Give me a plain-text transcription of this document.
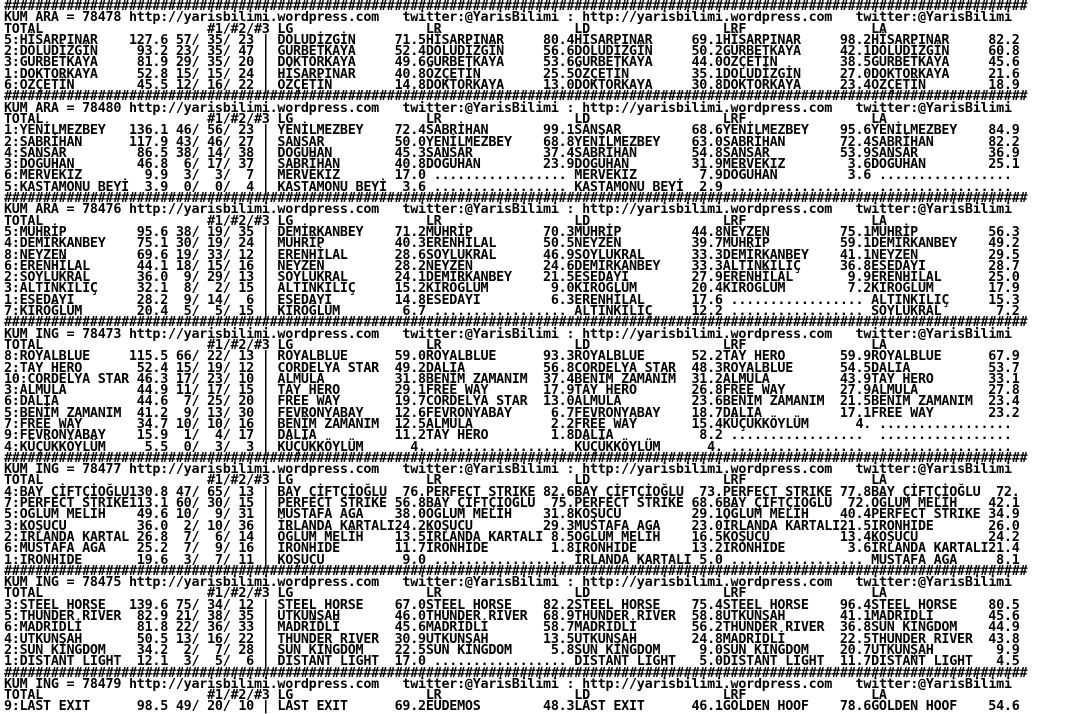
###################################################################################################################################
KUM ARA = 78478 http://yarisbilimi.wordpress.com twitter:@YarisBilimi : http://yarisbilimi.wordpress.com twitter:@YarisBilimi
TOTAL                     #1/#2/#3 LG                 LR                 LD                 LRF                LA
5:HİSARPINAR    127.6 57/ 35/ 23 | DOLUDİZGİN     71.5HİSARPINAR     80.4HİSARPINAR     69.1HİSARPINAR     98.2HİSARPINAR     82.2
2:DOLUDİZGİN     93.2 23/ 35/ 47 | GURBETKAYA     52.4DOLUDİZGİN     56.6DOLUDİZGİN     50.2GURBETKAYA     42.1DOLUDİZGİN     60.8
3:GURBETKAYA     81.9 29/ 35/ 20 | DOKTORKAYA     49.6GURBETKAYA     53.6GURBETKAYA     44.0ÖZÇETİN        38.5GURBETKAYA     45.6
1:DOKTORKAYA     52.8 15/ 15/ 24 | HİSARPINAR     40.8ÖZÇETİN        25.5ÖZÇETİN        35.1DOLUDİZGİN     27.0DOKTORKAYA     21.6
6:ÖZÇETİN        45.5 12/ 16/ 22 | ÖZÇETİN        14.8DOKTORKAYA     13.0DOKTORKAYA     30.8DOKTORKAYA     23.4ÖZÇETİN        18.9
###################################################################################################################################
KUM ARA = 78480 http://yarisbilimi.wordpress.com twitter:@YarisBilimi : http://yarisbilimi.wordpress.com twitter:@YarisBilimi
TOTAL                     #1/#2/#3 LG                 LR                 LD                 LRF                LA
1:YENİLMEZBEY   136.1 46/ 56/ 23 | YENİLMEZBEY    72.4SABRİHAN       99.1SANSAR         68.6YENİLMEZBEY    95.6YENİLMEZBEY    84.9
2:SABRİHAN      117.9 43/ 46/ 27 | SANSAR         50.0YENİLMEZBEY    68.8YENİLMEZBEY    63.0SABRİHAN       72.4SABRİHAN       82.2
4:SANSAR         86.5 38/ 14/ 38 | DOĞUHAN        45.3SANSAR         37.4SABRİHAN       54.8SANSAR         53.9SANSAR         36.9
3:DOĞUHAN        46.8  6/ 17/ 37 | SABRİHAN       40.8DOĞUHAN        23.9DOĞUHAN        31.9MERVEKIZ        3.6DOĞUHAN        25.1
6:MERVEKIZ        9.9  3/  3/  7 | MERVEKIZ       17.0 ................. MERVEKIZ        7.9DOĞUHAN         3.6 .................
5:KASTAMONU BEYİ  3.9  0/  0/  4 | KASTAMONU BEYİ  3.6 ................. KASTAMONU BEYİ  2.9 .................  .................
###################################################################################################################################
KUM ARA = 78476 http://yarisbilimi.wordpress.com twitter:@YarisBilimi : http://yarisbilimi.wordpress.com twitter:@YarisBilimi
TOTAL                     #1/#2/#3 LG                 LR                 LD                 LRF                LA
5:MUHRİP         95.6 38/ 19/ 35 | DEMİRKANBEY    71.2MUHRİP         70.3MUHRİP         44.8NEYZEN         75.1MUHRİP         56.3
4:DEMİRKANBEY    75.1 30/ 19/ 24 | MUHRİP         40.3ERENHİLAL      50.5NEYZEN         39.7MUHRİP         59.1DEMİRKANBEY    49.2
8:NEYZEN         69.6 19/ 33/ 12 | ERENHİLAL      28.6SOYLUKRAL      46.9SOYLUKRAL      33.3DEMİRKANBEY    41.1NEYZEN         29.5
6:ERENHİLAL      44.1 18/ 15/ 16 | NEYZEN         28.2NEYZEN         24.6DEMİRKANBEY    33.3ALTINKILIÇ     36.8ESEDAYI        28.7
2:SOYLUKRAL      36.0  9/ 29/ 13 | SOYLUKRAL      24.1DEMİRKANBEY    21.5ESEDAYI        27.9ERENHİLAL       9.9ERENHİLAL      25.0
3:ALTINKILIÇ     32.1  8/  2/ 15 | ALTINKILIÇ     15.2KIROĞLUM        9.0KIROĞLUM       20.4KIROĞLUM        7.2KIROĞLUM       17.9
1:ESEDAYI        28.2  9/ 14/  6 | ESEDAYI        14.8ESEDAYI         6.3ERENHİLAL      17.6 ................. ALTINKILIÇ     15.3
7:KIROĞLUM       20.4  5/  5/ 15 | KIROĞLUM        6.7 ................. ALTINKILIÇ     12.2 ................. SOYLUKRAL       7.2
###################################################################################################################################
KUM ING = 78473 http://yarisbilimi.wordpress.com twitter:@YarisBilimi : http://yarisbilimi.wordpress.com twitter:@YarisBilimi
TOTAL                     #1/#2/#3 LG                 LR                 LD                 LRF                LA
8:ROYALBLUE     115.5 66/ 22/ 13 | ROYALBLUE      59.0ROYALBLUE      93.3ROYALBLUE      52.2TAY HERO       59.9ROYALBLUE      67.9
2:TAY HERO       52.4 15/ 19/ 12 | CORDELYA STAR  49.2DALIA          56.8CORDELYA STAR  48.3ROYALBLUE      54.5DALIA          53.7
10:CORDELYA STAR 46.3 17/ 23/ 10 | ALMULA         31.8BENİM ZAMANIM  37.4BENİM ZAMANIM  31.2ALMULA         43.9TAY HERO       33.1
3:ALMULA         44.9 11/ 17/ 15 | TAY HERO       29.1FREE WAY       17.9TAY HERO       26.8FREE WAY       27.9ALMULA         27.8
6:DALIA          44.6  7/ 25/ 20 | FREE WAY       19.7CORDELYA STAR  13.0ALMULA         23.6BENİM ZAMANIM  21.5BENİM ZAMANIM  23.4
5:BENİM ZAMANIM  41.2  9/ 13/ 30 | FEVRONYABAY    12.6FEVRONYABAY     6.7FEVRONYABAY    18.7DALIA          17.1FREE WAY       23.2
7:FREE WAY       34.7 10/ 10/ 16 | BENİM ZAMANIM  12.5ALMULA          2.2FREE WAY       15.4KÜÇÜKKÖYLÜM      4. .................
9:FEVRONYABAY    15.9  1/  4/ 17 | DALIA          11.2TAY HERO        1.8DALIA           8.2 .................  .................
4:KÜÇÜKKÖYLÜM     5.5  0/  3/  3 | KÜÇÜKKÖYLÜM      4. ................. KÜÇÜKKÖYLÜM      4. .................  .................
###################################################################################################################################
KUM ING = 78477 http://yarisbilimi.wordpress.com twitter:@YarisBilimi : http://yarisbilimi.wordpress.com twitter:@YarisBilimi
TOTAL                     #1/#2/#3 LG                 LR                 LD                 LRF                LA
4:BAY ÇİFTÇİOĞLU130.8 47/ 65/ 13 | BAY ÇİFTÇİOĞLU  76.PERFECT STRIKE 82.6BAY ÇİFTÇİOĞLU  73.PERFECT STRIKE 77.8BAY ÇİFTÇİOĞLU  72.
7:PERFECT STRIKE113.1 60/ 30/ 15 | PERFECT STRIKE 56.8BAY ÇİFTÇİOĞLU  75.PERFECT STRIKE 68.6BAY ÇİFTÇİOĞLU  72.OĞLUM MELİH    42.1
5:OĞLUM MELİH    49.6 10/  9/ 31 | MUSTAFA AGA    38.0OĞLUM MELİH    31.8KOŞUCU         29.1OĞLUM MELİH    40.4PERFECT STRIKE 34.9
3:KOŞUCU         36.0  2/ 10/ 36 | İRLANDA KARTALI24.2KOŞUCU         29.3MUSTAFA AGA    23.0İRLANDA KARTALI21.5IRONHIDE       26.0
2:İRLANDA KARTAL 26.8  7/  6/ 14 | OĞLUM MELİH    13.5İRLANDA KARTALI 8.5OĞLUM MELİH    16.5KOŞUCU         13.4KOŞUCU         24.2
6:MUSTAFA AGA    25.2  7/  9/ 16 | IRONHIDE       11.7IRONHIDE        1.8IRONHIDE       13.2IRONHIDE        3.6İRLANDA KARTALI21.4
1:IRONHIDE       19.6  3/  7/ 11 | KOŞUCU          9.0 ................. İRLANDA KARTALI 5.0 ................. MUSTAFA AGA     8.1
###################################################################################################################################
KUM ING = 78475 http://yarisbilimi.wordpress.com twitter:@YarisBilimi : http://yarisbilimi.wordpress.com twitter:@YarisBilimi
TOTAL                     #1/#2/#3 LG                 LR                 LD                 LRF                LA
3:STEEL HORSE   139.6 75/ 34/ 12 | STEEL HORSE    67.0STEEL HORSE    82.2STEEL HORSE    75.4STEEL HORSE    96.4STEEL HORSE    80.5
5:THUNDER RIVER  82.9 21/ 38/ 35 | UTKUNŞAH       46.0THUNDER RIVER  68.9THUNDER RIVER  58.8UTKUNŞAH       41.1MADRİDLİ       45.6
6:MADRİDLİ       81.8 22/ 36/ 33 | MADRİDLİ       45.6MADRİDLİ       58.7MADRİDLİ       56.2THUNDER RIVER  36.8SUN KINGDOM    44.9
4:UTKUNŞAH       50.5 13/ 16/ 22 | THUNDER RIVER  30.9UTKUNŞAH       13.5UTKUNŞAH       24.8MADRİDLİ       22.5THUNDER RIVER  43.8
2:SUN KİNGDOM    34.2  2/  7/ 28 | SUN KINGDOM    22.5SUN KINGDOM     5.8SUN KINGDOM     9.0SUN KINGDOM    20.7UTKUNŞAH        9.9
1:DISTANT LIGHT  12.1  3/  5/  6 | DISTANT LIGHT  17.0 ................. DISTANT LIGHT   5.0DISTANT LIGHT  11.7DISTANT LIGHT   4.5
###################################################################################################################################
KUM ING = 78479 http://yarisbilimi.wordpress.com twitter:@YarisBilimi : http://yarisbilimi.wordpress.com twitter:@YarisBilimi
TOTAL                     #1/#2/#3 LG                 LR                 LD                 LRF                LA
9:LAST EXIT      98.5 49/ 20/ 10 | LAST EXIT      69.2EUDEMOS        48.3LAST EXIT      46.1GOLDEN HOOF    78.6GOLDEN HOOF    54.6
